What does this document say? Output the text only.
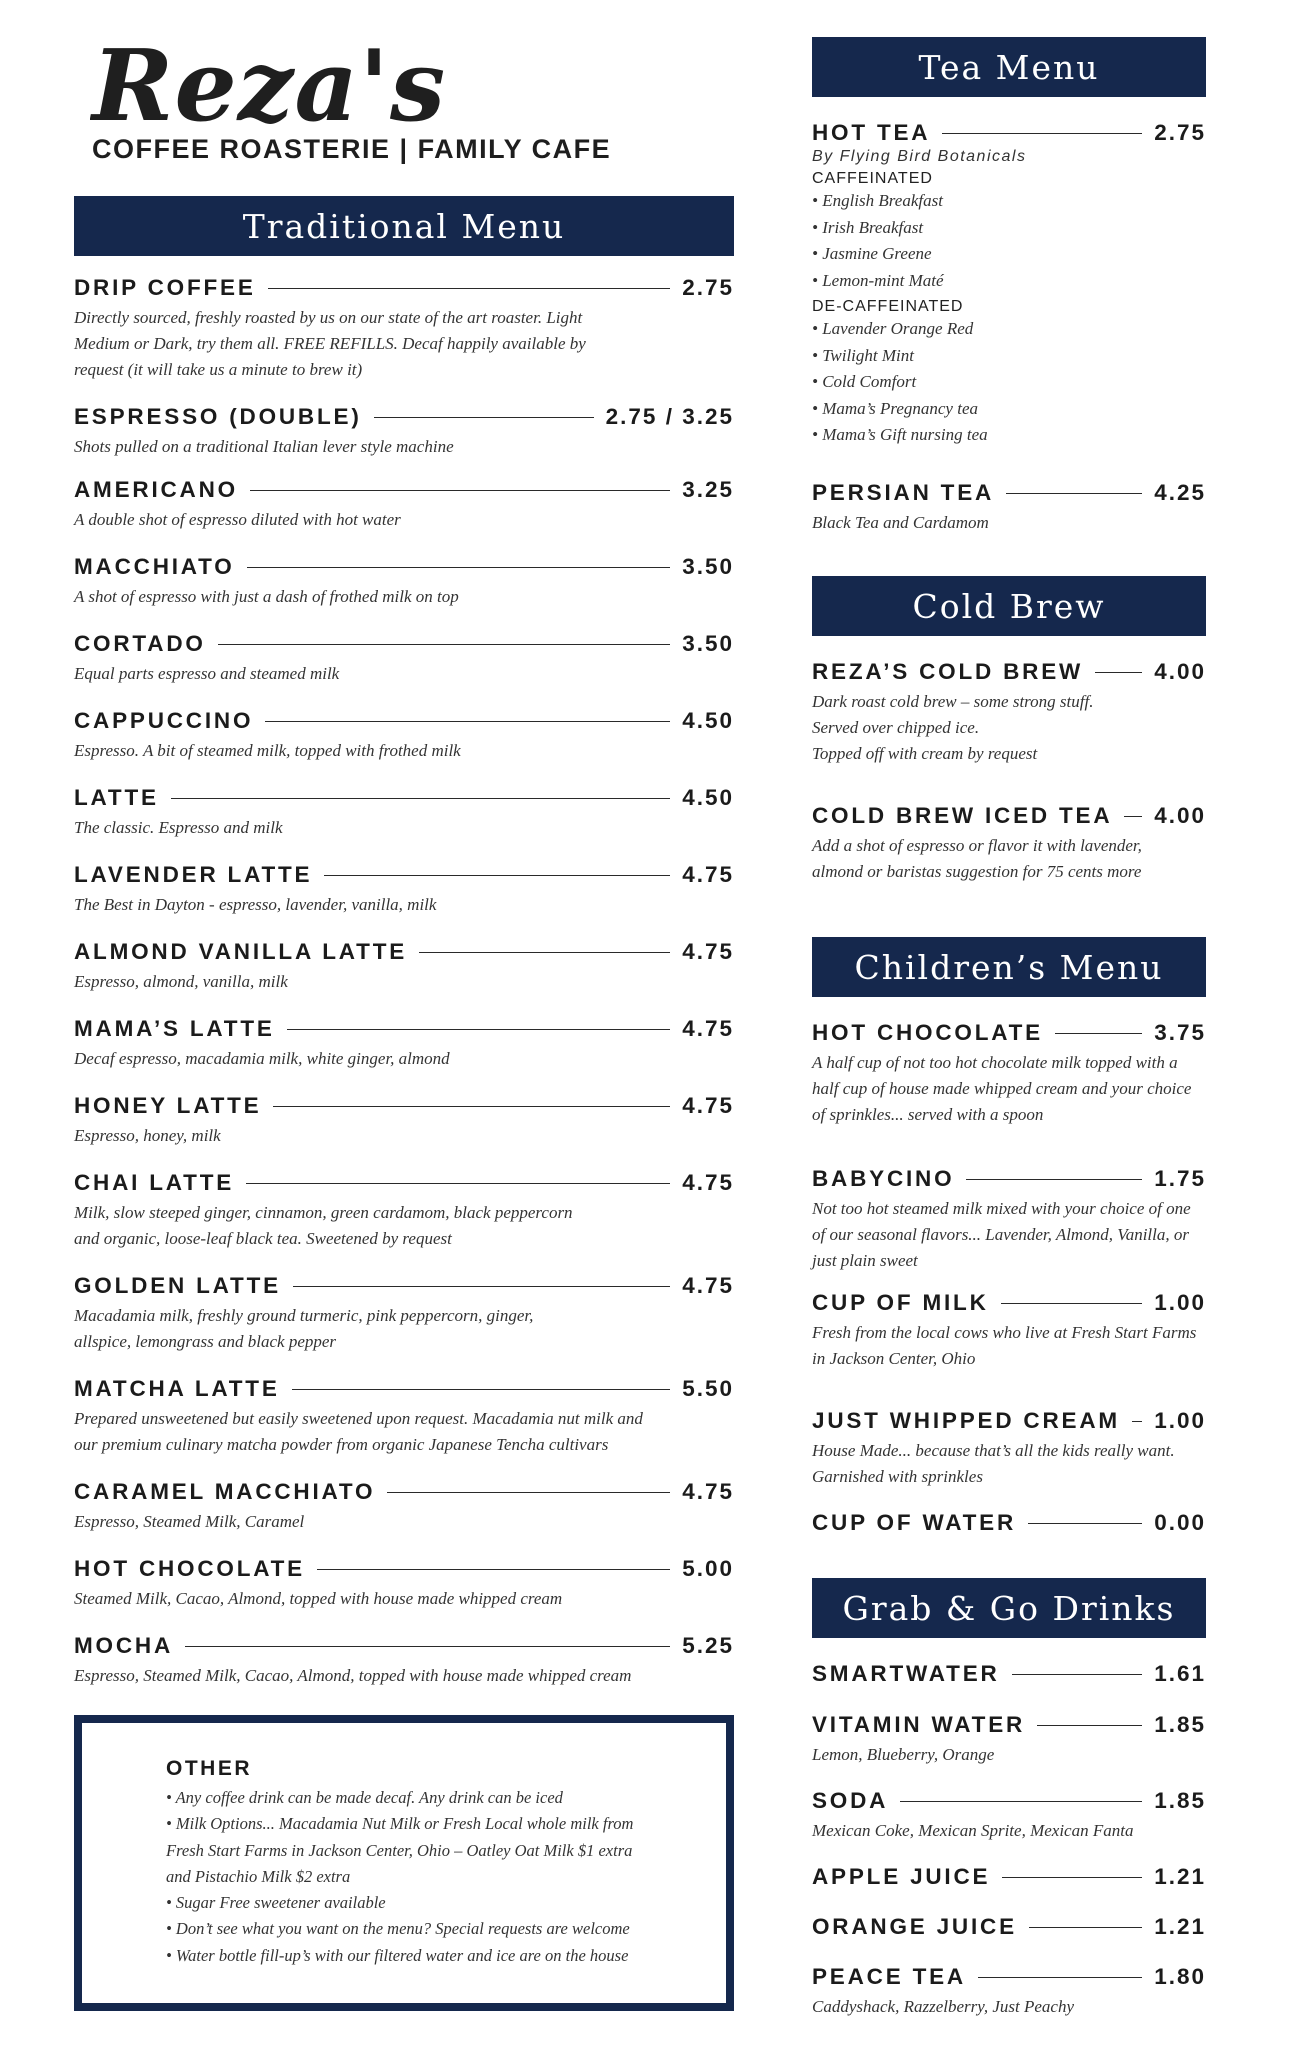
Reza's
COFFEE ROASTERIE | FAMILY CAFE
Traditional Menu
DRIP COFFEE	2.75
Directly sourced, freshly roasted by us on our state of the art roaster. Light
Medium or Dark, try them all. FREE REFILLS. Decaf happily available by
request (it will take us a minute to brew it)
ESPRESSO (DOUBLE)	2.75 / 3.25
Shots pulled on a traditional Italian lever style machine
AMERICANO	3.25
A double shot of espresso diluted with hot water
MACCHIATO	3.50
A shot of espresso with just a dash of frothed milk on top
CORTADO	3.50
Equal parts espresso and steamed milk
CAPPUCCINO	4.50
Espresso. A bit of steamed milk, topped with frothed milk
LATTE	4.50
The classic. Espresso and milk
LAVENDER LATTE	4.75
The Best in Dayton - espresso, lavender, vanilla, milk
ALMOND VANILLA LATTE	4.75
Espresso, almond, vanilla, milk
MAMA’S LATTE	4.75
Decaf espresso, macadamia milk, white ginger, almond
HONEY LATTE	4.75
Espresso, honey, milk
CHAI LATTE	4.75
Milk, slow steeped ginger, cinnamon, green cardamom, black peppercorn
and organic, loose-leaf black tea. Sweetened by request
GOLDEN LATTE	4.75
Macadamia milk, freshly ground turmeric, pink peppercorn, ginger,
allspice, lemongrass and black pepper
MATCHA LATTE	5.50
Prepared unsweetened but easily sweetened upon request. Macadamia nut milk and
our premium culinary matcha powder from organic Japanese Tencha cultivars
CARAMEL MACCHIATO	4.75
Espresso, Steamed Milk, Caramel
HOT CHOCOLATE	5.00
Steamed Milk, Cacao, Almond, topped with house made whipped cream
MOCHA	5.25
Espresso, Steamed Milk, Cacao, Almond, topped with house made whipped cream
OTHER
• Any coffee drink can be made decaf. Any drink can be iced
• Milk Options... Macadamia Nut Milk or Fresh Local whole milk from
Fresh Start Farms in Jackson Center, Ohio – Oatley Oat Milk $1 extra
and Pistachio Milk $2 extra
• Sugar Free sweetener available
• Don’t see what you want on the menu? Special requests are welcome
• Water bottle fill-up’s with our filtered water and ice are on the house
Tea Menu
HOT TEA	2.75
By Flying Bird Botanicals
CAFFEINATED
• English Breakfast
• Irish Breakfast
• Jasmine Greene
• Lemon-mint Maté
DE-CAFFEINATED
• Lavender Orange Red
• Twilight Mint
• Cold Comfort
• Mama’s Pregnancy tea
• Mama’s Gift nursing tea
PERSIAN TEA	4.25
Black Tea and Cardamom
Cold Brew
REZA’S COLD BREW	4.00
Dark roast cold brew – some strong stuff.
Served over chipped ice.
Topped off with cream by request
COLD BREW ICED TEA 4.00
Add a shot of espresso or flavor it with lavender,
almond or baristas suggestion for 75 cents more
Children’s Menu
HOT CHOCOLATE	3.75
A half cup of not too hot chocolate milk topped with a
half cup of house made whipped cream and your choice
of sprinkles... served with a spoon
BABYCINO	1.75
Not too hot steamed milk mixed with your choice of one
of our seasonal flavors... Lavender, Almond, Vanilla, or
just plain sweet
CUP OF MILK	1.00
Fresh from the local cows who live at Fresh Start Farms
in Jackson Center, Ohio
JUST WHIPPED CREAM 1.00
House Made... because that’s all the kids really want.
Garnished with sprinkles
CUP OF WATER	0.00
Grab & Go Drinks
SMARTWATER	1.61
VITAMIN WATER	1.85
Lemon, Blueberry, Orange
SODA	1.85
Mexican Coke, Mexican Sprite, Mexican Fanta
APPLE JUICE	1.21
ORANGE JUICE	1.21
PEACE TEA	1.80
Caddyshack, Razzelberry, Just Peachy
